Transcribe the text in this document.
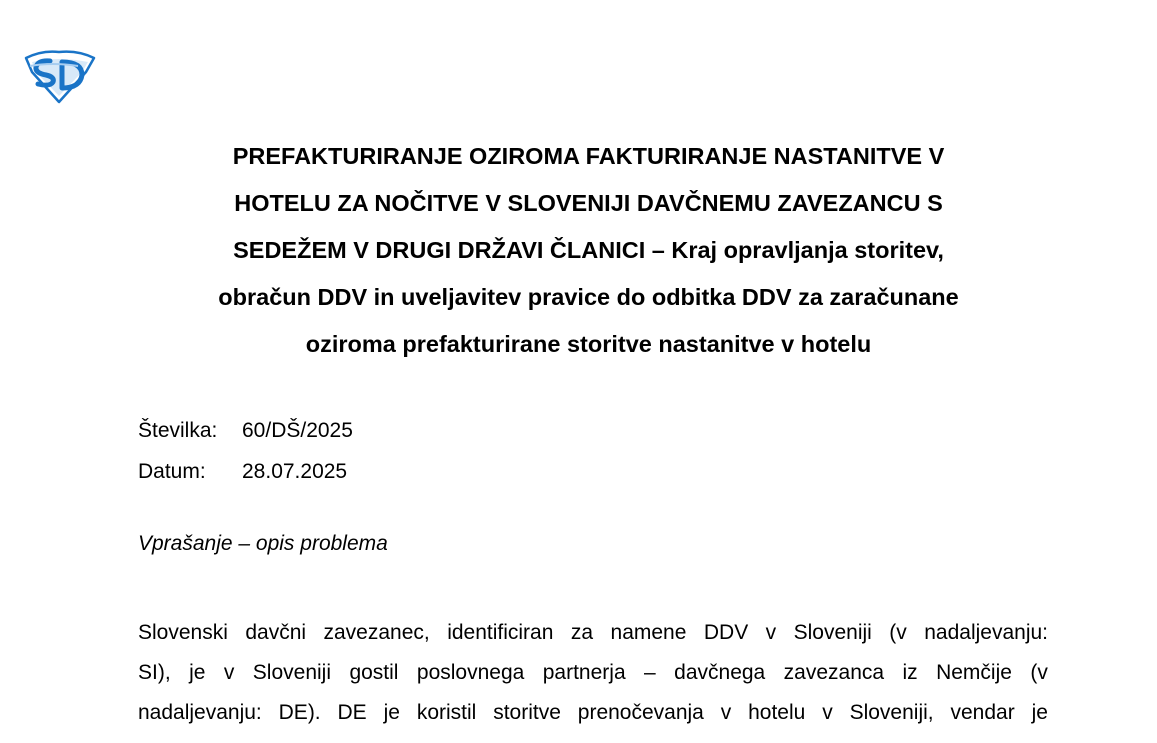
PREFAKTURIRANJE OZIROMA FAKTURIRANJE NASTANITVE V
HOTELU ZA NOČITVE V SLOVENIJI DAVČNEMU ZAVEZANCU S
SEDEŽEM V DRUGI DRŽAVI ČLANICI – Kraj opravljanja storitev,
obračun DDV in uveljavitev pravice do odbitka DDV za zaračunane
oziroma prefakturirane storitve nastanitve v hotelu
Številka:	60/DŠ/2025
Datum:	28.07.2025
Vprašanje – opis problema
Slovenski davčni zavezanec, identificiran za namene DDV v Sloveniji (v nadaljevanju:
SI), je v Sloveniji gostil poslovnega partnerja – davčnega zavezanca iz Nemčije (v
nadaljevanju: DE). DE je koristil storitve prenočevanja v hotelu v Sloveniji, vendar je
